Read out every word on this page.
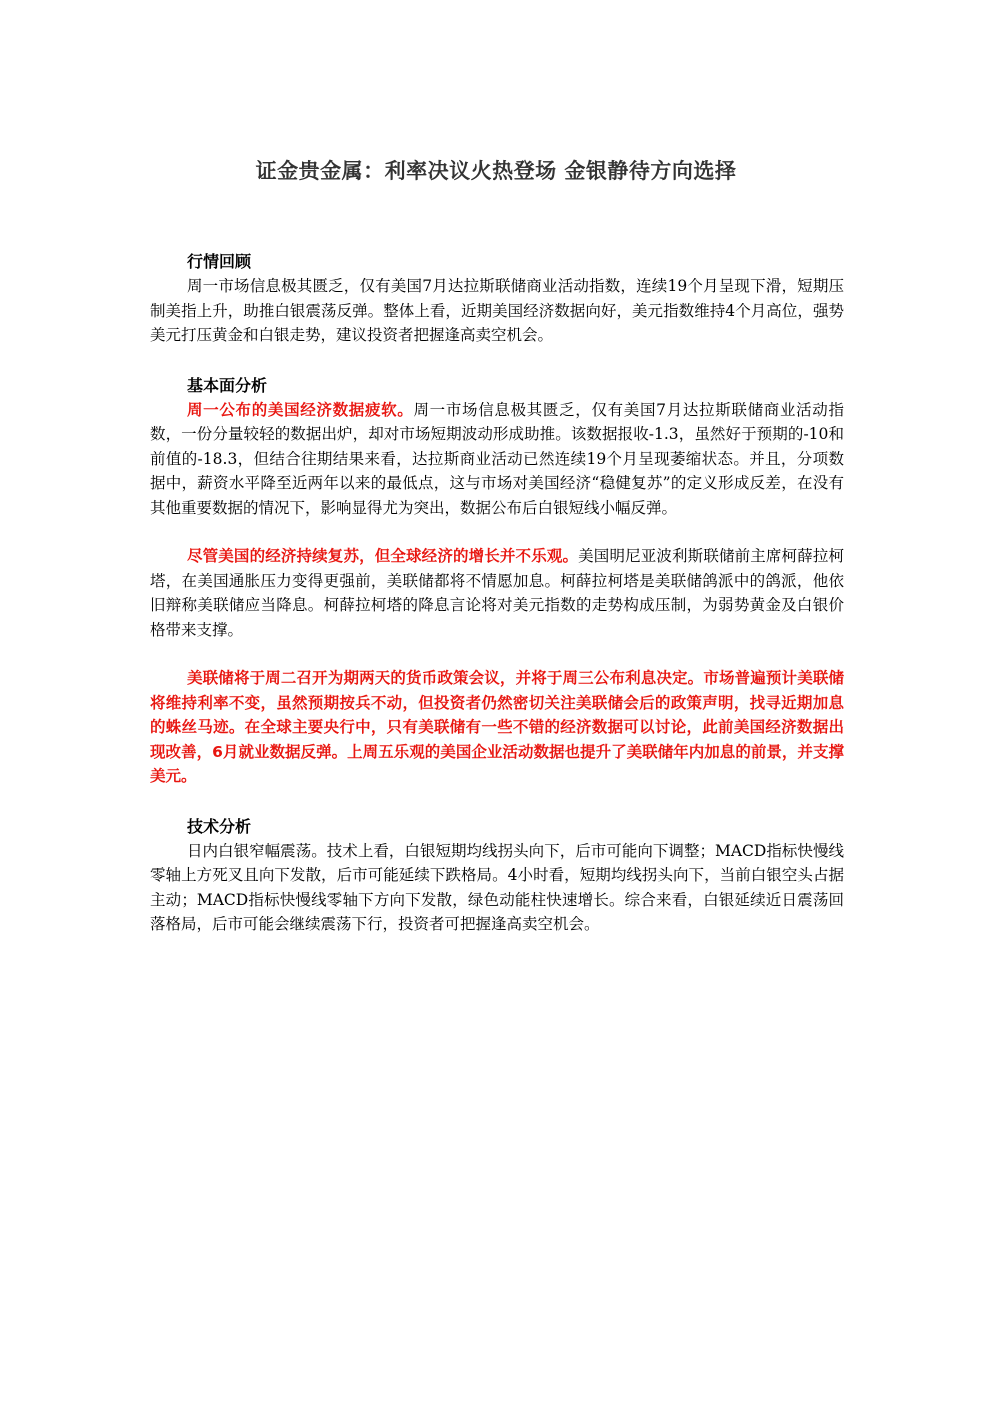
证金贵金属：利率决议火热登场 金银静待方向选择

行情回顾

周一市场信息极其匮乏，仅有美国7月达拉斯联储商业活动指数，连续19个月呈现下滑，短期压制美指上升，助推白银震荡反弹。整体上看，近期美国经济数据向好，美元指数维持4个月高位，强势美元打压黄金和白银走势，建议投资者把握逢高卖空机会。

基本面分析

周一公布的美国经济数据疲软。周一市场信息极其匮乏，仅有美国7月达拉斯联储商业活动指数，一份分量较轻的数据出炉，却对市场短期波动形成助推。该数据报收-1.3，虽然好于预期的-10和前值的-18.3，但结合往期结果来看，达拉斯商业活动已然连续19个月呈现萎缩状态。并且，分项数据中，薪资水平降至近两年以来的最低点，这与市场对美国经济“稳健复苏”的定义形成反差，在没有其他重要数据的情况下，影响显得尤为突出，数据公布后白银短线小幅反弹。

尽管美国的经济持续复苏，但全球经济的增长并不乐观。美国明尼亚波利斯联储前主席柯薛拉柯塔，在美国通胀压力变得更强前，美联储都将不情愿加息。柯薛拉柯塔是美联储鸽派中的鸽派，他依旧辩称美联储应当降息。柯薛拉柯塔的降息言论将对美元指数的走势构成压制，为弱势黄金及白银价格带来支撑。

美联储将于周二召开为期两天的货币政策会议，并将于周三公布利息决定。市场普遍预计美联储将维持利率不变，虽然预期按兵不动，但投资者仍然密切关注美联储会后的政策声明，找寻近期加息的蛛丝马迹。在全球主要央行中，只有美联储有一些不错的经济数据可以讨论，此前美国经济数据出现改善，6月就业数据反弹。上周五乐观的美国企业活动数据也提升了美联储年内加息的前景，并支撑美元。

技术分析

日内白银窄幅震荡。技术上看，白银短期均线拐头向下，后市可能向下调整；MACD指标快慢线零轴上方死叉且向下发散，后市可能延续下跌格局。4小时看，短期均线拐头向下，当前白银空头占据主动；MACD指标快慢线零轴下方向下发散，绿色动能柱快速增长。综合来看，白银延续近日震荡回落格局，后市可能会继续震荡下行，投资者可把握逢高卖空机会。
